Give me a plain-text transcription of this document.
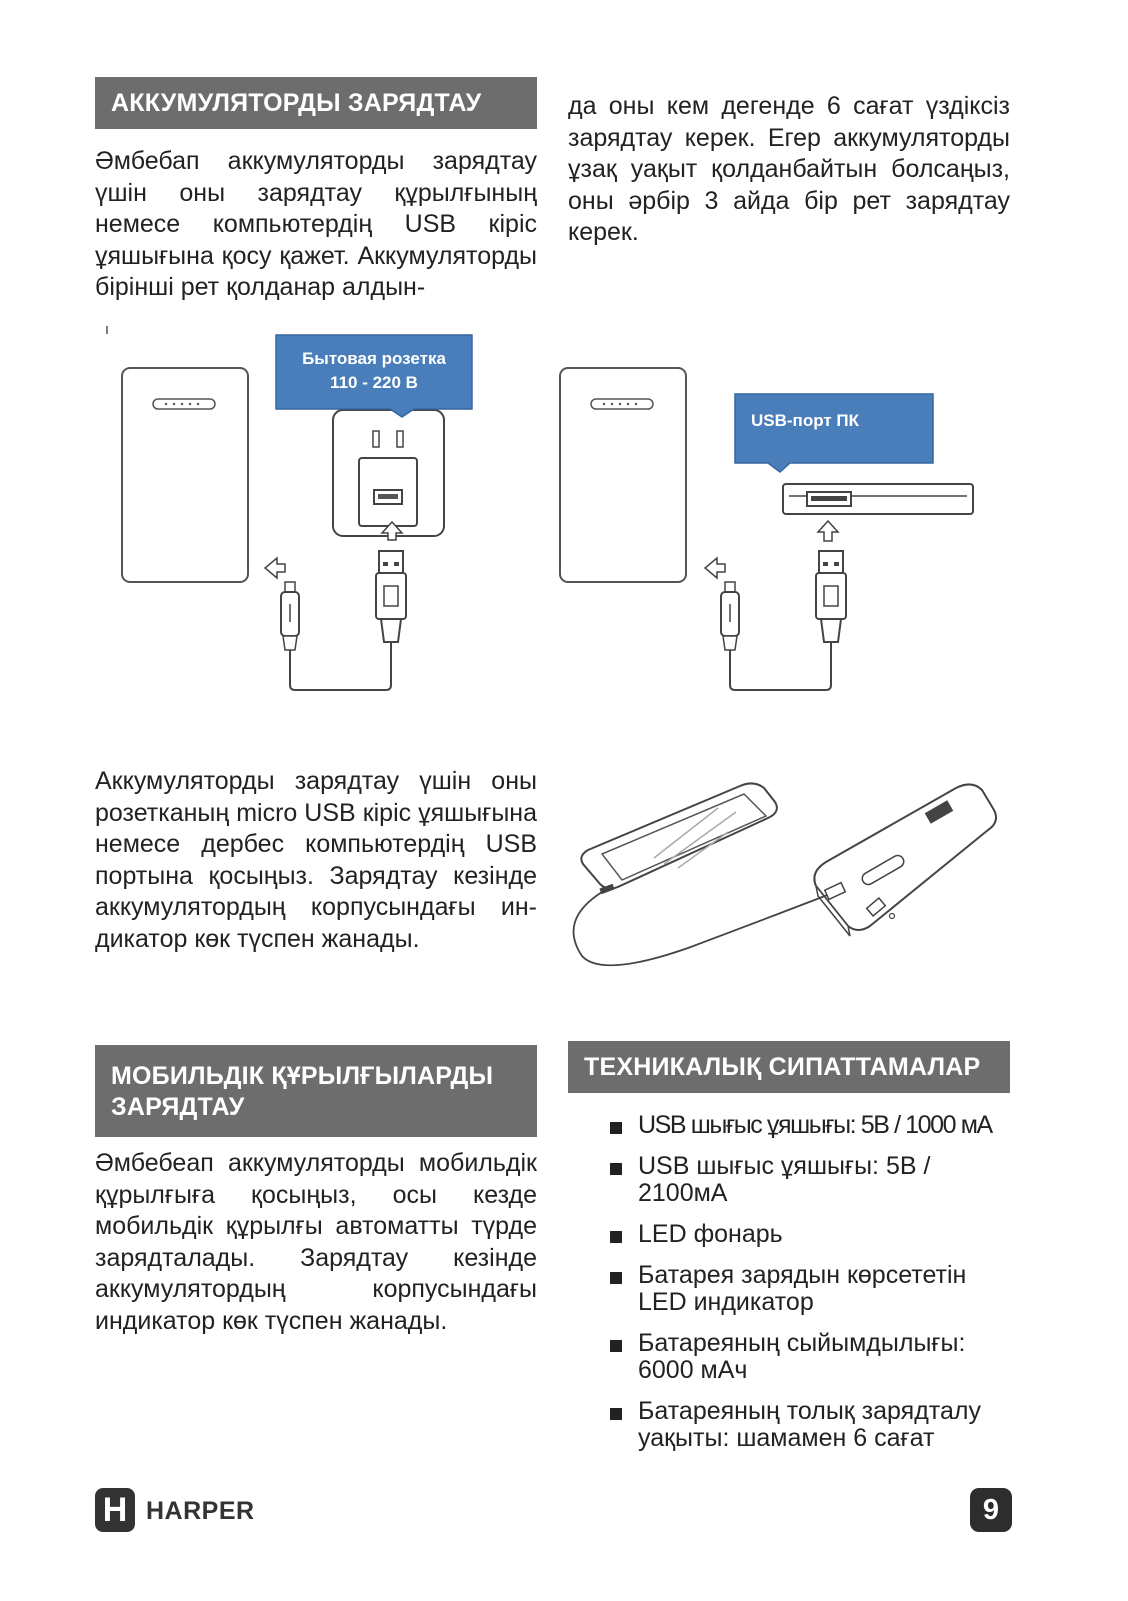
АККУМУЛЯТОРДЫ ЗАРЯДТАУ
Әмбебап аккумуляторды зарядтау үшін оны зарядтау құрылғының немесе компьютердің USB кіріс ұяшығына қосу қажет. Аккумуляторды бірінші рет қолданар алдын-
да оны кем дегенде 6 сағат үздіксіз зарядтау керек. Егер аккумуляторды ұзақ уақыт қолданбайтын болсаңыз, оны әрбір 3 айда бір рет зарядтау керек.
Бытовая розетка
110 - 220 В
USB-порт ПК
Аккумуляторды зарядтау үшін оны розетканың micro USB кіріс ұяшығына немесе дербес компьютердің USB портына қосыңыз. Зарядтау кезінде аккумулятордың корпусындағы индикатор көк түспен жанады.
МОБИЛЬДІК ҚҰРЫЛҒЫЛАРДЫ ЗАРЯДТАУ
Әмбебеап аккумуляторды мобильдік құрылғыға қосыңыз, осы кезде мобильдік құрылғы автоматты түрде зарядталады. Зарядтау кезінде аккумулятордың корпусындағы индикатор көк түспен жанады.
ТЕХНИКАЛЫҚ СИПАТТАМАЛАР
USB шығыс ұяшығы: 5В / 1000 мА
USB шығыс ұяшығы: 5В / 2100мА
LED фонарь
Батарея зарядын көрсететін LED индикатор
Батареяның сыйымдылығы: 6000 мАч
Батареяның толық зарядталу уақыты: шамамен 6 сағат
H HARPER	9
